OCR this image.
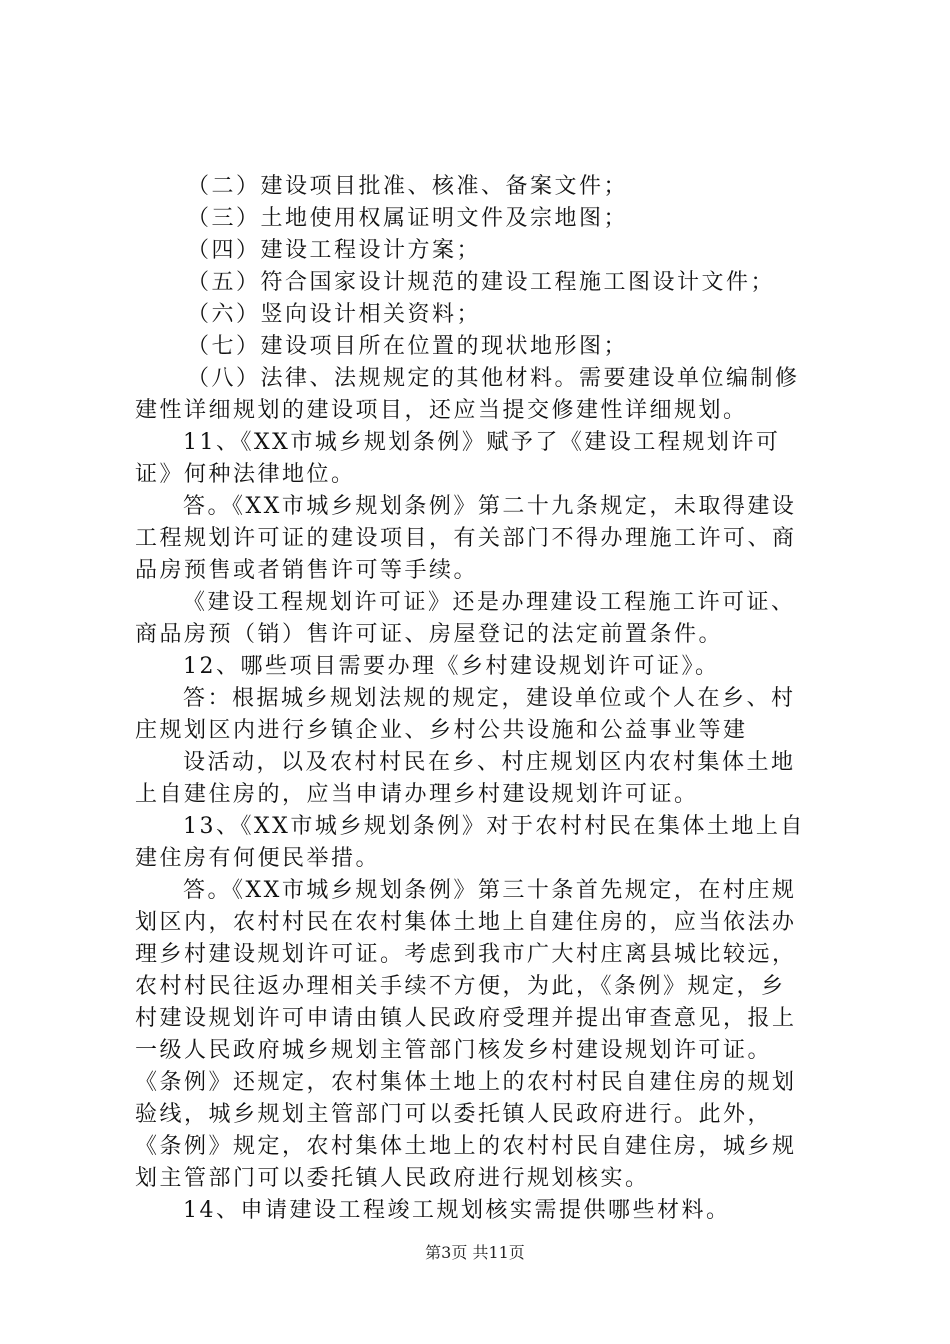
（二）建设项目批准、核准、备案文件；
（三）土地使用权属证明文件及宗地图；
（四）建设工程设计方案；
（五）符合国家设计规范的建设工程施工图设计文件；
（六）竖向设计相关资料；
（七）建设项目所在位置的现状地形图；
（八）法律、法规规定的其他材料。需要建设单位编制修
建性详细规划的建设项目，还应当提交修建性详细规划。
11、《XX市城乡规划条例》赋予了《建设工程规划许可
证》何种法律地位。
答。《XX市城乡规划条例》第二十九条规定，未取得建设
工程规划许可证的建设项目，有关部门不得办理施工许可、商
品房预售或者销售许可等手续。
《建设工程规划许可证》还是办理建设工程施工许可证、
商品房预（销）售许可证、房屋登记的法定前置条件。
12、哪些项目需要办理《乡村建设规划许可证》。
答：根据城乡规划法规的规定，建设单位或个人在乡、村
庄规划区内进行乡镇企业、乡村公共设施和公益事业等建
设活动，以及农村村民在乡、村庄规划区内农村集体土地
上自建住房的，应当申请办理乡村建设规划许可证。
13、《XX市城乡规划条例》对于农村村民在集体土地上自
建住房有何便民举措。
答。《XX市城乡规划条例》第三十条首先规定，在村庄规
划区内，农村村民在农村集体土地上自建住房的，应当依法办
理乡村建设规划许可证。考虑到我市广大村庄离县城比较远，
农村村民往返办理相关手续不方便，为此，《条例》规定，乡
村建设规划许可申请由镇人民政府受理并提出审查意见，报上
一级人民政府城乡规划主管部门核发乡村建设规划许可证。
《条例》还规定，农村集体土地上的农村村民自建住房的规划
验线，城乡规划主管部门可以委托镇人民政府进行。此外，
《条例》规定，农村集体土地上的农村村民自建住房，城乡规
划主管部门可以委托镇人民政府进行规划核实。
14、申请建设工程竣工规划核实需提供哪些材料。
第3页 共11页
